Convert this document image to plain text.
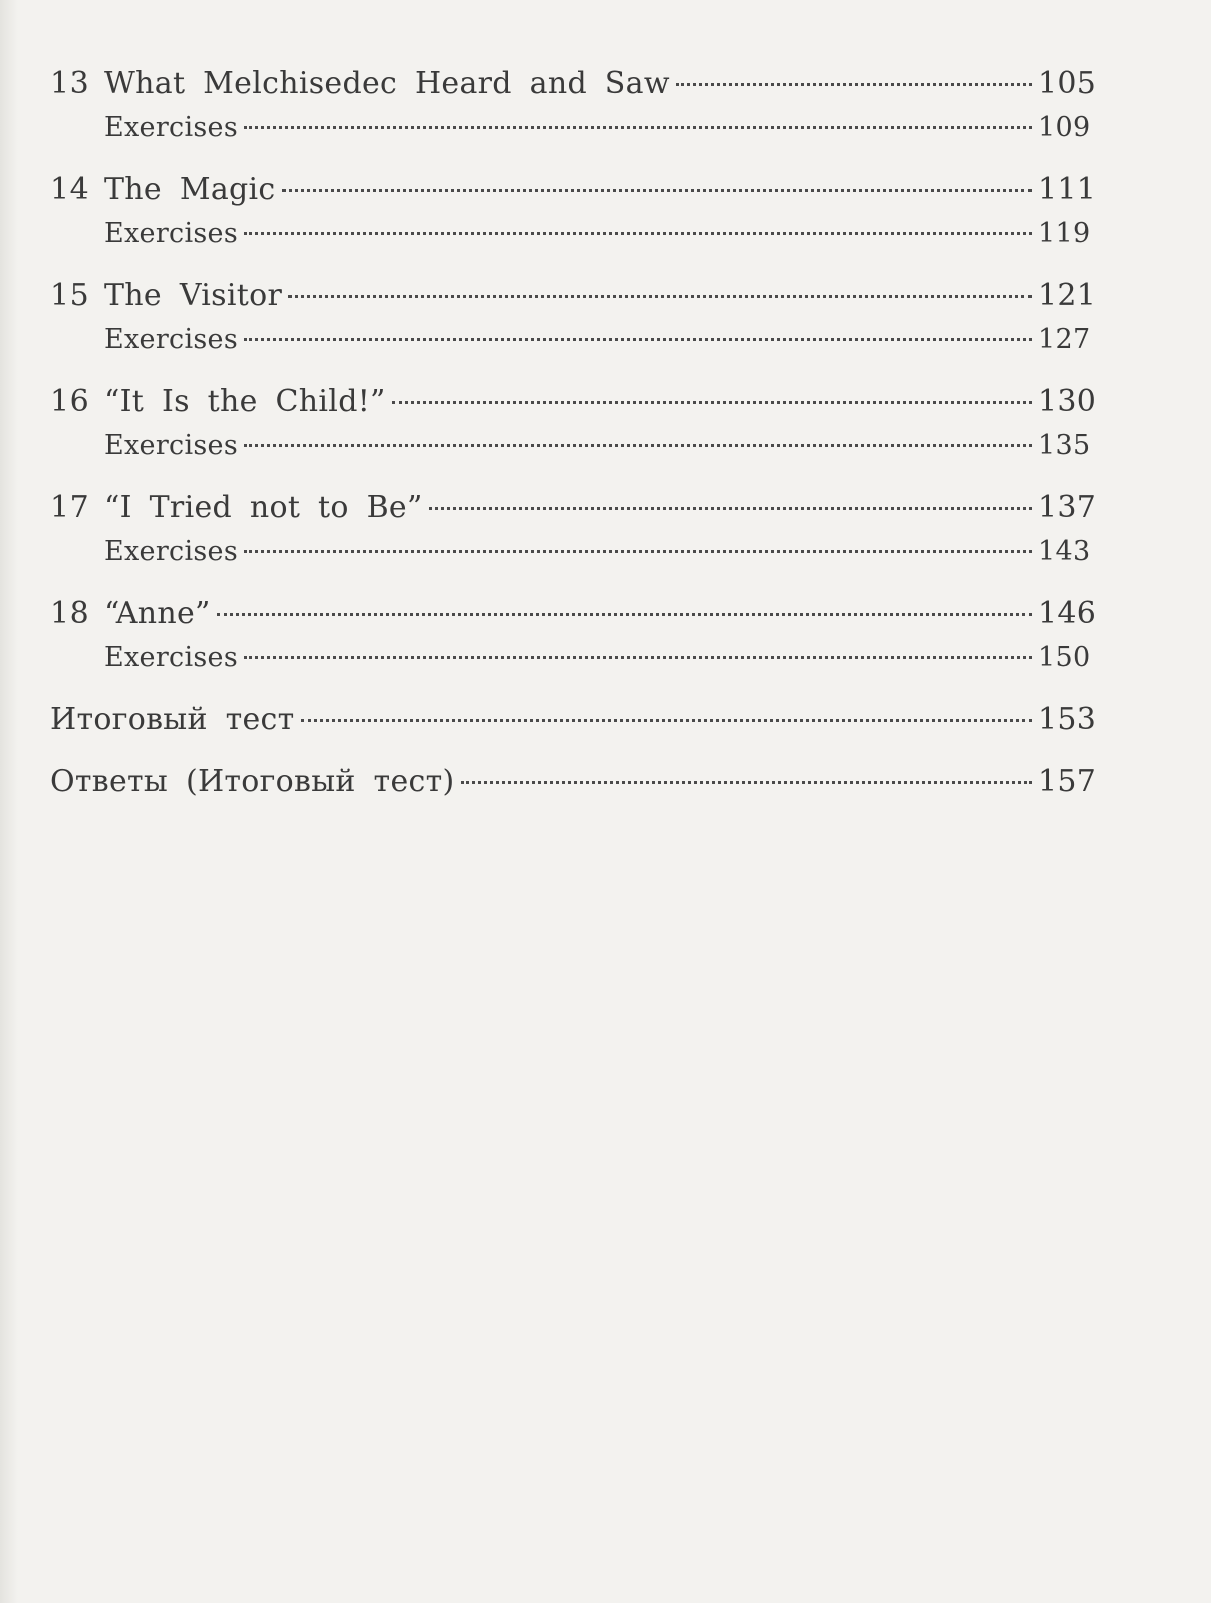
13 What Melchisedec Heard and Saw	105
Exercises	109
14 The Magic	111
Exercises	119
15 The Visitor	121
Exercises	127
16 “It Is the Child!”	130
Exercises	135
17 “I Tried not to Be”	137
Exercises	143
18 “Anne”	146
Exercises	150
Итоговый тест	153
Ответы (Итоговый тест)	157
